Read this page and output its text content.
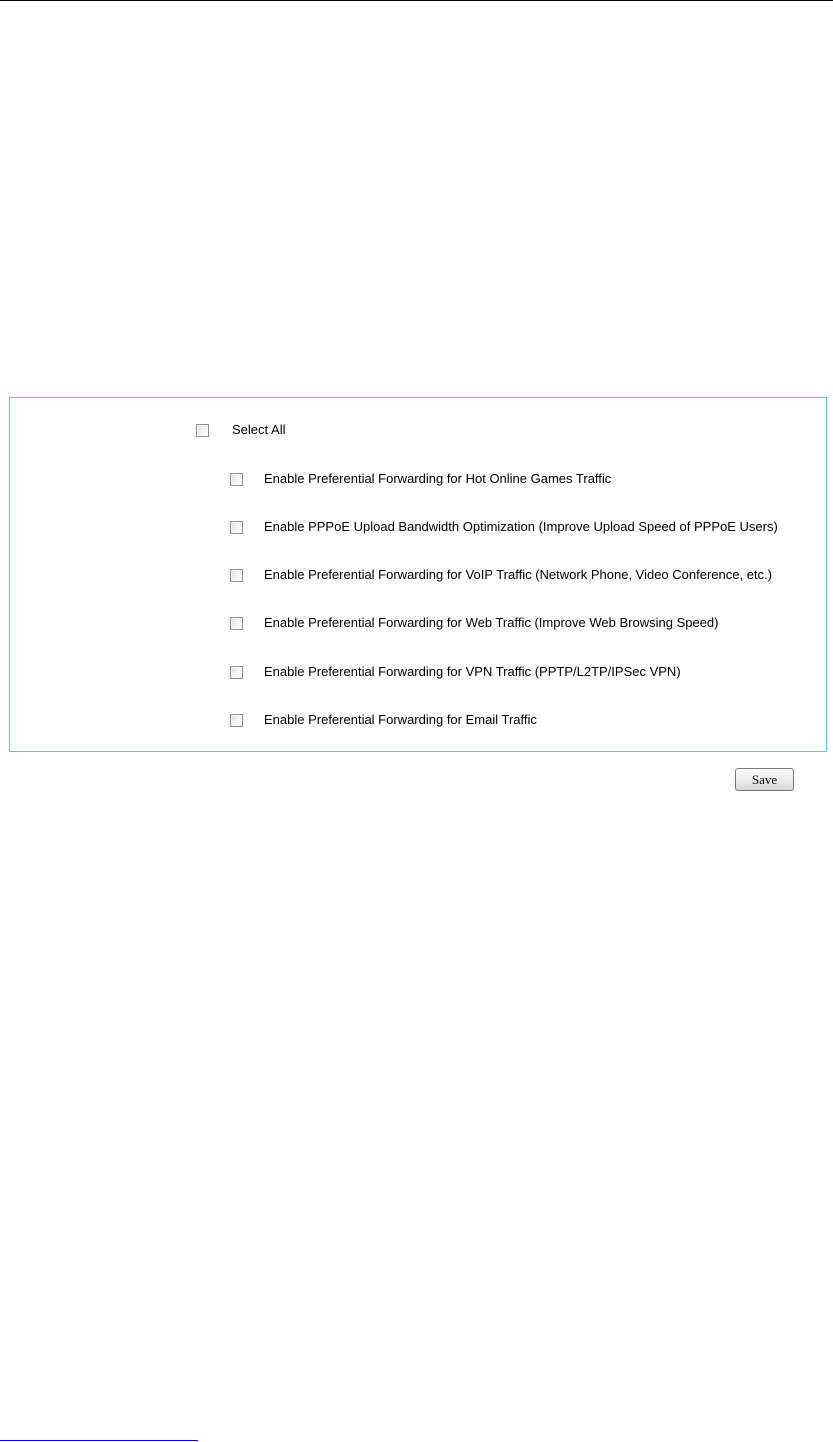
Select All
Enable Preferential Forwarding for Hot Online Games Traffic
Enable PPPoE Upload Bandwidth Optimization (Improve Upload Speed of PPPoE Users)
Enable Preferential Forwarding for VoIP Traffic (Network Phone, Video Conference, etc.)
Enable Preferential Forwarding for Web Traffic (Improve Web Browsing Speed)
Enable Preferential Forwarding for VPN Traffic (PPTP/L2TP/IPSec VPN)
Enable Preferential Forwarding for Email Traffic
Save
